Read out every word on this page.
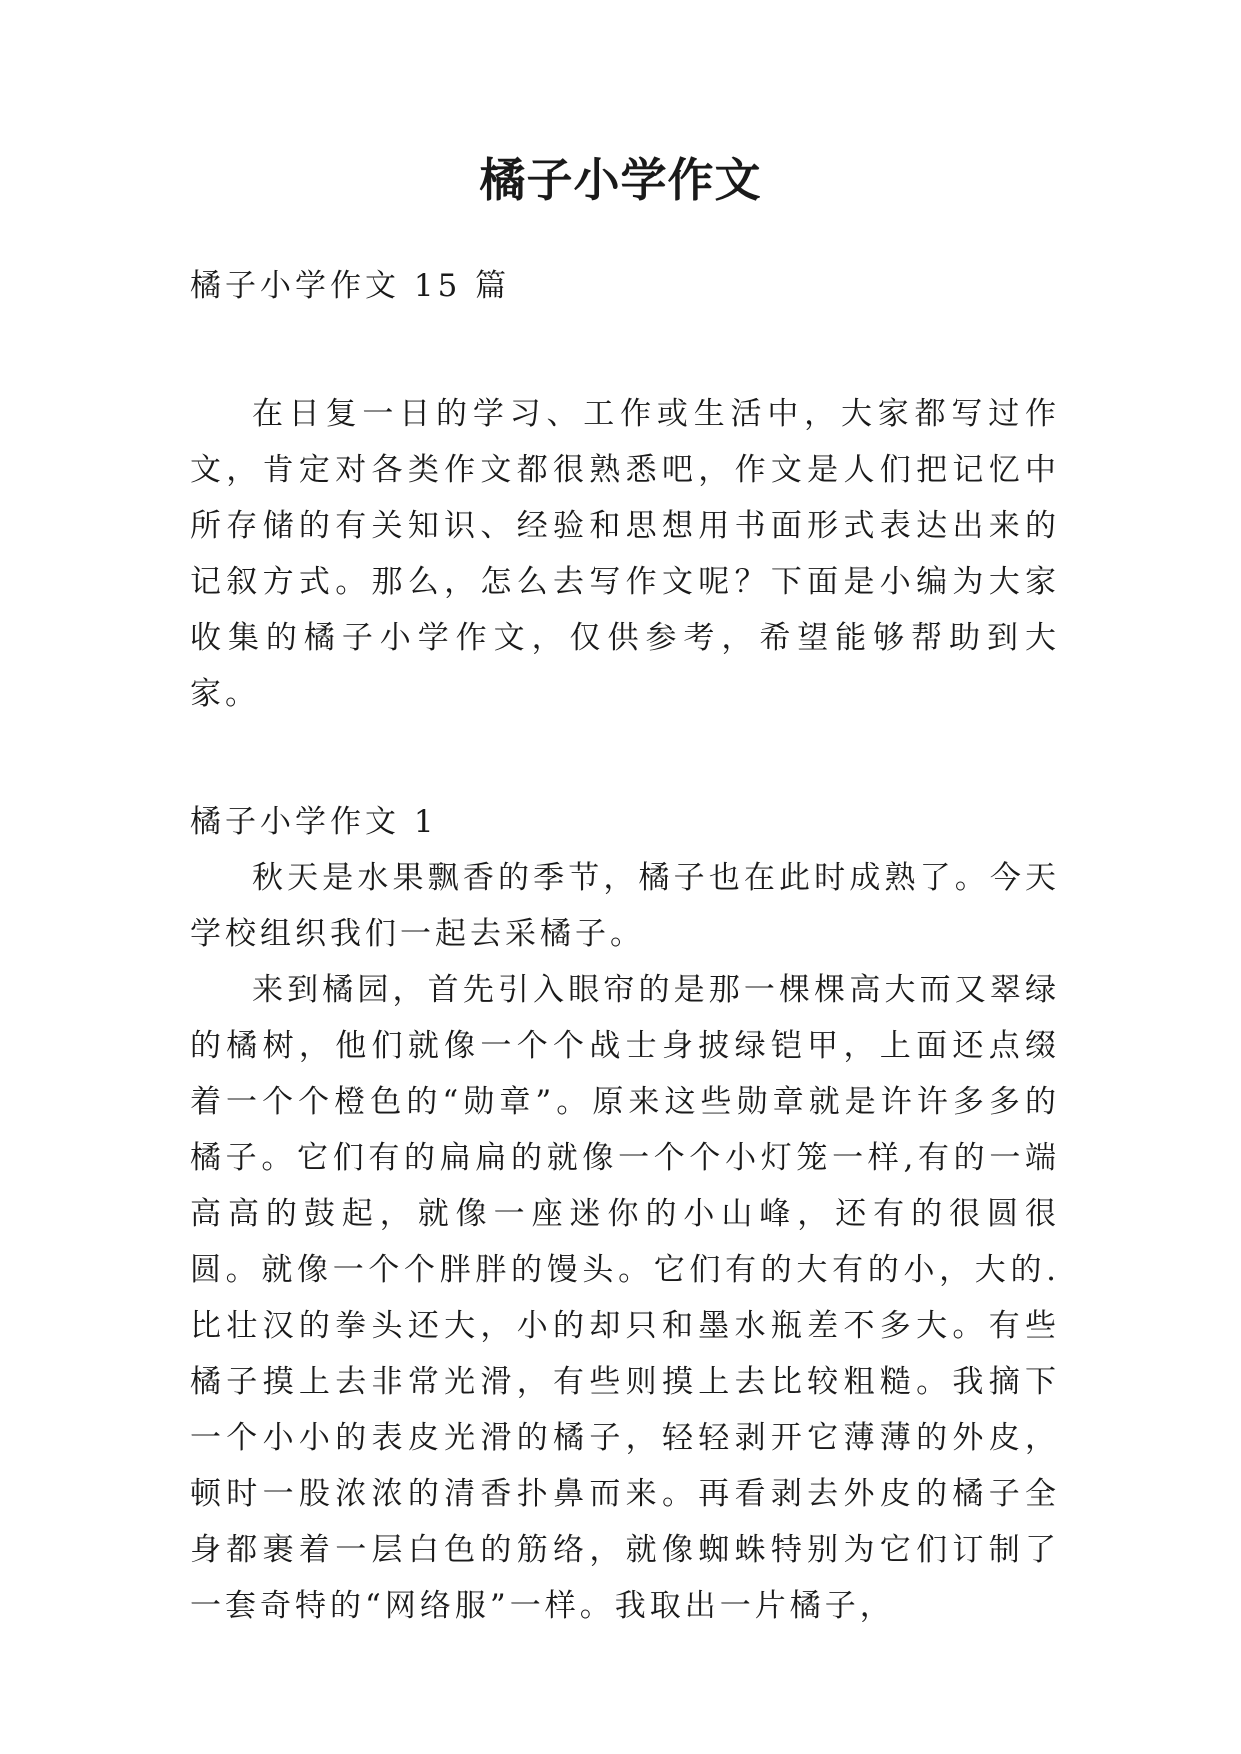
橘子小学作文

橘子小学作文 15 篇

在日复一日的学习、工作或生活中，大家都写过作文，肯定对各类作文都很熟悉吧，作文是人们把记忆中所存储的有关知识、经验和思想用书面形式表达出来的记叙方式。那么，怎么去写作文呢？下面是小编为大家收集的橘子小学作文，仅供参考，希望能够帮助到大家。

橘子小学作文 1

秋天是水果飘香的季节，橘子也在此时成熟了。今天学校组织我们一起去采橘子。

来到橘园，首先引入眼帘的是那一棵棵高大而又翠绿的橘树，他们就像一个个战士身披绿铠甲，上面还点缀着一个个橙色的“勋章”。原来这些勋章就是许许多多的橘子。它们有的扁扁的就像一个个小灯笼一样,有的一端高高的鼓起，就像一座迷你的小山峰，还有的很圆很圆。就像一个个胖胖的馒头。它们有的大有的小，大的.比壮汉的拳头还大，小的却只和墨水瓶差不多大。有些橘子摸上去非常光滑，有些则摸上去比较粗糙。我摘下一个小小的表皮光滑的橘子，轻轻剥开它薄薄的外皮，顿时一股浓浓的清香扑鼻而来。再看剥去外皮的橘子全身都裹着一层白色的筋络，就像蜘蛛特别为它们订制了一套奇特的“网络服”一样。我取出一片橘子，
